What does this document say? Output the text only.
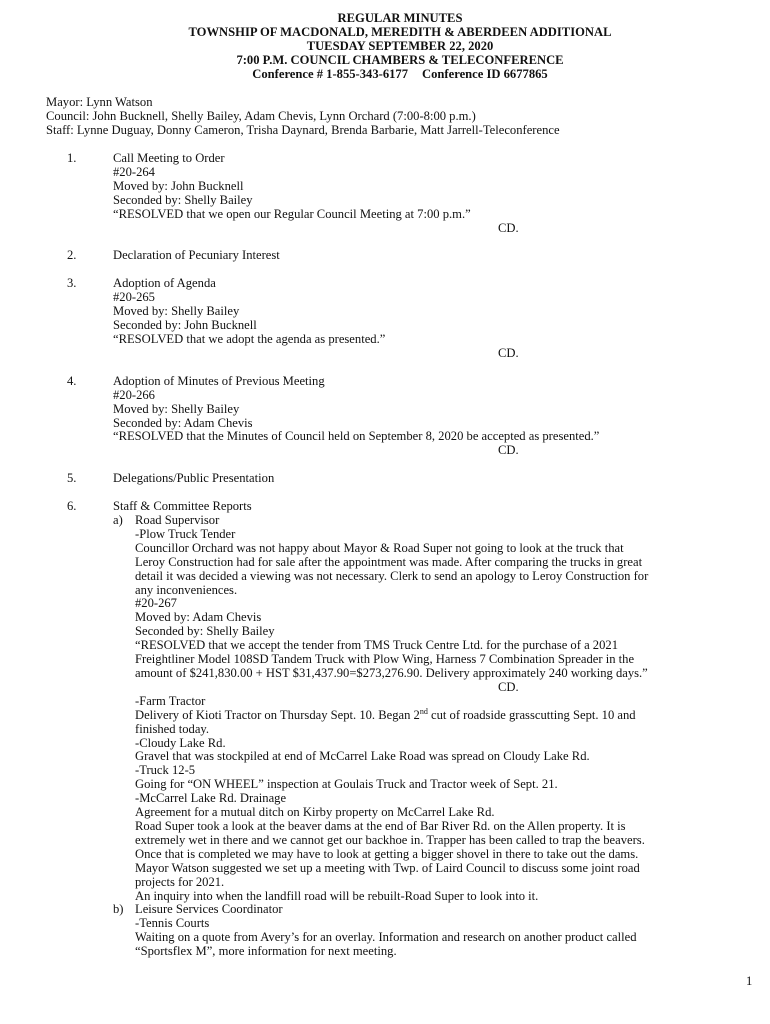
REGULAR MINUTES
TOWNSHIP OF MACDONALD, MEREDITH & ABERDEEN ADDITIONAL
TUESDAY SEPTEMBER 22, 2020
7:00 P.M. COUNCIL CHAMBERS & TELECONFERENCE
Conference # 1-855-343-6177 Conference ID 6677865
Mayor: Lynn Watson
Council: John Bucknell, Shelly Bailey, Adam Chevis, Lynn Orchard (7:00-8:00 p.m.)
Staff: Lynne Duguay, Donny Cameron, Trisha Daynard, Brenda Barbarie, Matt Jarrell-Teleconference
1.	Call Meeting to Order
#20-264
Moved by: John Bucknell
Seconded by: Shelly Bailey
“RESOLVED that we open our Regular Council Meeting at 7:00 p.m.”
CD.
2.	Declaration of Pecuniary Interest
3.	Adoption of Agenda
#20-265
Moved by: Shelly Bailey
Seconded by: John Bucknell
“RESOLVED that we adopt the agenda as presented.”
CD.
4.	Adoption of Minutes of Previous Meeting
#20-266
Moved by: Shelly Bailey
Seconded by: Adam Chevis
“RESOLVED that the Minutes of Council held on September 8, 2020 be accepted as presented.”
CD.
5.	Delegations/Public Presentation
6.	Staff & Committee Reports
a) Road Supervisor
-Plow Truck Tender
Councillor Orchard was not happy about Mayor & Road Super not going to look at the truck that
Leroy Construction had for sale after the appointment was made. After comparing the trucks in great
detail it was decided a viewing was not necessary. Clerk to send an apology to Leroy Construction for
any inconveniences.
#20-267
Moved by: Adam Chevis
Seconded by: Shelly Bailey
“RESOLVED that we accept the tender from TMS Truck Centre Ltd. for the purchase of a 2021
Freightliner Model 108SD Tandem Truck with Plow Wing, Harness 7 Combination Spreader in the
amount of $241,830.00 + HST $31,437.90=$273,276.90. Delivery approximately 240 working days.”
CD.
-Farm Tractor
Delivery of Kioti Tractor on Thursday Sept. 10. Began 2nd cut of roadside grasscutting Sept. 10 and
finished today.
-Cloudy Lake Rd.
Gravel that was stockpiled at end of McCarrel Lake Road was spread on Cloudy Lake Rd.
-Truck 12-5
Going for “ON WHEEL” inspection at Goulais Truck and Tractor week of Sept. 21.
-McCarrel Lake Rd. Drainage
Agreement for a mutual ditch on Kirby property on McCarrel Lake Rd.
Road Super took a look at the beaver dams at the end of Bar River Rd. on the Allen property. It is
extremely wet in there and we cannot get our backhoe in. Trapper has been called to trap the beavers.
Once that is completed we may have to look at getting a bigger shovel in there to take out the dams.
Mayor Watson suggested we set up a meeting with Twp. of Laird Council to discuss some joint road
projects for 2021.
An inquiry into when the landfill road will be rebuilt-Road Super to look into it.
b) Leisure Services Coordinator
-Tennis Courts
Waiting on a quote from Avery’s for an overlay. Information and research on another product called
“Sportsflex M”, more information for next meeting.
1
